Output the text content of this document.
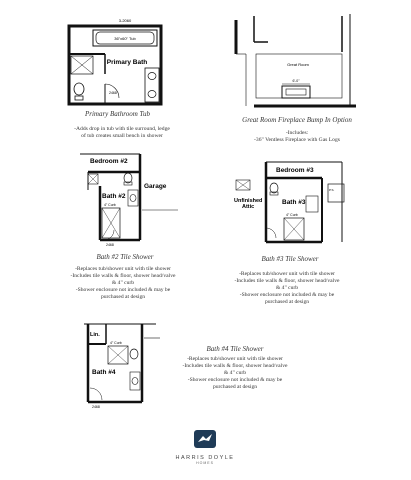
3-2060
Primary Bath
36"x60" Tub
2468
Primary Bathroom Tub
-Adds drop in tub with tile surround, ledge
of tub creates small bench in shower
Great Room
6'-0"
Great Room Fireplace Bump In Option
-Includes:
-36" Ventless Fireplace with Gas Logs
Bedroom #2
Bath #2
Garage
4" Curb
2468
Bath #2 Tile Shower
-Replaces tub/shower unit with tile shower
-Includes tile walls & floor, shower head/valve
& 4" curb
-Shower enclosure not included & may be
purchased at design
Bedroom #3
Bath #3
Unfinished Attic
P.S.
4" Curb
Bath #3 Tile Shower
-Replaces tub/shower unit with tile shower
-Includes tile walls & floor, shower head/valve
& 4" curb
-Shower enclosure not included & may be
purchased at design
Lin.
Bath #4
4" Curb
2468
Bath #4 Tile Shower
-Replaces tub/shower unit with tile shower
-Includes tile walls & floor, shower head/valve
& 4" curb
-Shower enclosure not included & may be
purchased at design
HARRIS DOYLE
HOMES
